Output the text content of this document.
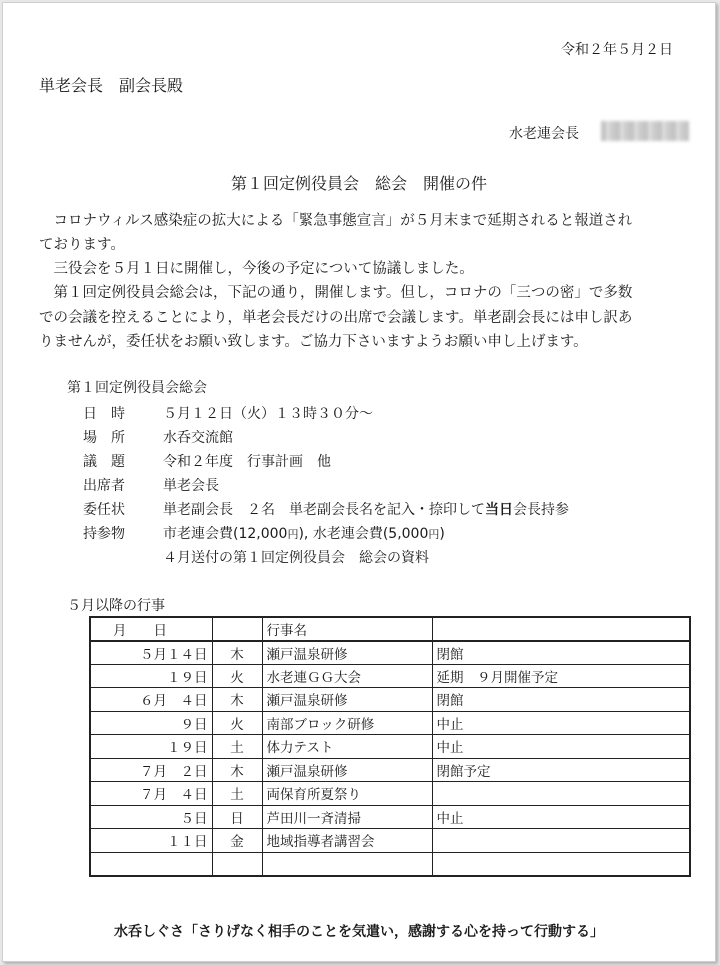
令和２年５月２日
単老会長　副会長殿
水老連会長
第１回定例役員会　総会　開催の件
　コロナウィルス感染症の拡大による「緊急事態宣言」が５月末まで延期されると報道され
ております。
　三役会を５月１日に開催し，今後の予定について協議しました。
　第１回定例役員会総会は，下記の通り，開催します。但し，コロナの「三つの密」で多数
での会議を控えることにより，単老会長だけの出席で会議します。単老副会長には申し訳あ
りませんが，委任状をお願い致します。ご協力下さいますようお願い申し上げます。
第１回定例役員会総会
日　時	５月１２日（火）１３時３０分～
場　所	水呑交流館
議　題	令和２年度　行事計画　他
出席者	単老会長
委任状	単老副会長　２名　単老副会長名を記入・捺印して当日会長持参
持参物	市老連会費(12,000円), 水老連会費(5,000円)
４月送付の第１回定例役員会　総会の資料
５月以降の行事
月　　日		行事名	
５月１４日	木	瀬戸温泉研修	閉館
１９日	火	水老連ＧＧ大会	延期　９月開催予定
６月　４日	木	瀬戸温泉研修	閉館
９日	火	南部ブロック研修	中止
１９日	土	体力テスト	中止
７月　２日	木	瀬戸温泉研修	閉館予定
７月　４日	土	両保育所夏祭り	
５日	日	芦田川一斉清掃	中止
１１日	金	地域指導者講習会	

水呑しぐさ「さりげなく相手のことを気遣い，感謝する心を持って行動する」
